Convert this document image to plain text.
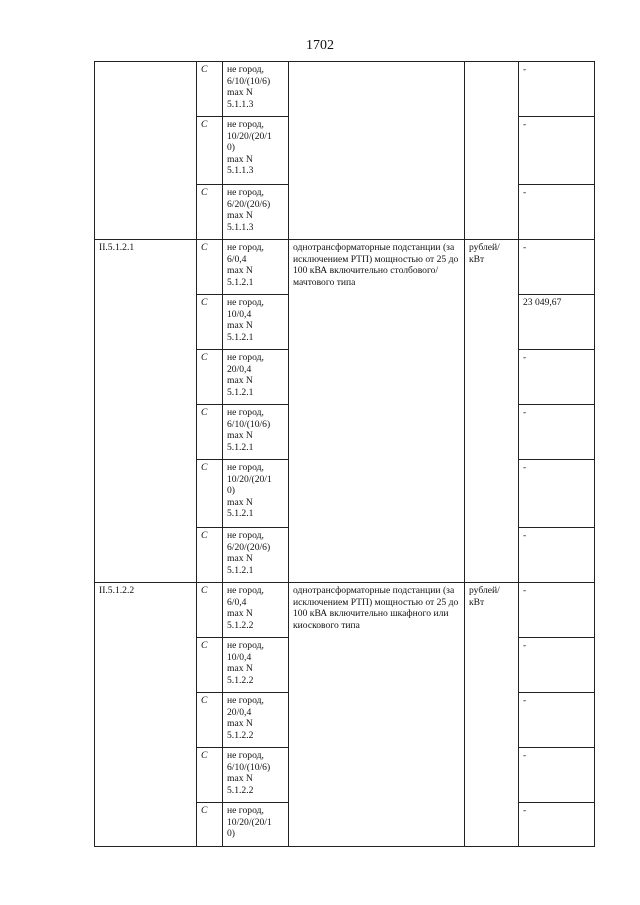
1702
	С	не город,
6/10/(10/6)
max N
5.1.1.3			-
	С	не город,
10/20/(20/1
0)
max N
5.1.1.3			-
	С	не город,
6/20/(20/6)
max N
5.1.1.3			-
II.5.1.2.1	С	не город,
6/0,4
max N
5.1.2.1	однотрансформаторные подстанции (за исключением РТП) мощностью от 25 до 100 кВА включительно столбового/мачтового типа	рублей/
кВт	-
	С	не город,
10/0,4
max N
5.1.2.1			23 049,67
	С	не город,
20/0,4
max N
5.1.2.1			-
	С	не город,
6/10/(10/6)
max N
5.1.2.1			-
	С	не город,
10/20/(20/1
0)
max N
5.1.2.1			-
	С	не город,
6/20/(20/6)
max N
5.1.2.1			-
II.5.1.2.2	С	не город,
6/0,4
max N
5.1.2.2	однотрансформаторные подстанции (за исключением РТП) мощностью от 25 до 100 кВА включительно шкафного или киоскового типа	рублей/
кВт	-
	С	не город,
10/0,4
max N
5.1.2.2			-
	С	не город,
20/0,4
max N
5.1.2.2			-
	С	не город,
6/10/(10/6)
max N
5.1.2.2			-
	С	не город,
10/20/(20/1
0)			-
